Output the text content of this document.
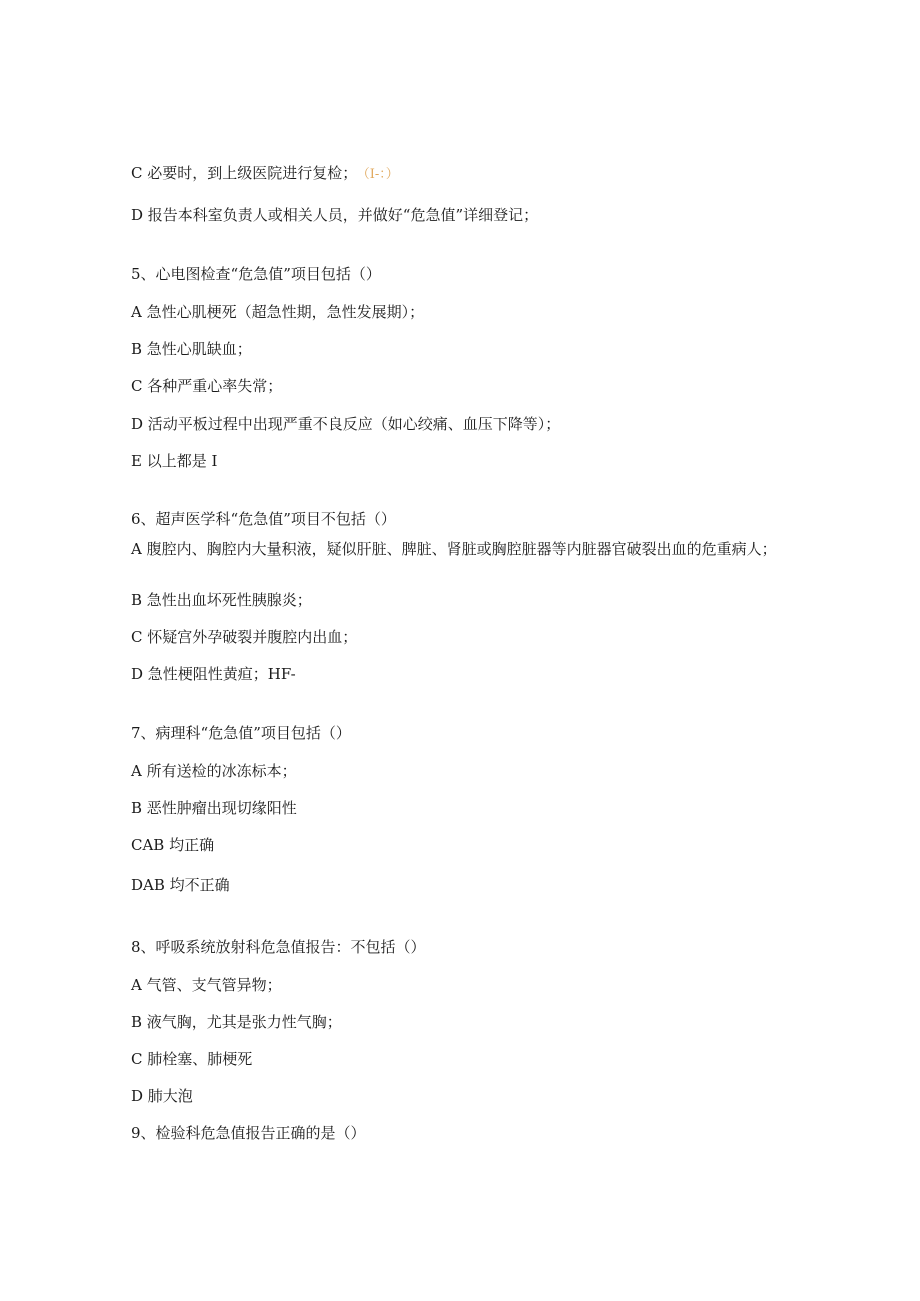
C 必要时，到上级医院进行复检； （I-：）
D 报告本科室负责人或相关人员，并做好“危急值”详细登记；
5、心电图检查“危急值”项目包括（）
A 急性心肌梗死（超急性期，急性发展期）；
B 急性心肌缺血；
C 各种严重心率失常；
D 活动平板过程中出现严重不良反应（如心绞痛、血压下降等）；
E 以上都是 I
6、超声医学科“危急值”项目不包括（）
A 腹腔内、胸腔内大量积液，疑似肝脏、脾脏、肾脏或胸腔脏器等内脏器官破裂出血的危重病人；
B 急性出血坏死性胰腺炎；
C 怀疑宫外孕破裂并腹腔内出血；
D 急性梗阻性黄疸；HF-
7、病理科“危急值”项目包括（）
A 所有送检的冰冻标本；
B 恶性肿瘤出现切缘阳性
CAB 均正确
DAB 均不正确
8、呼吸系统放射科危急值报告：不包括（）
A 气管、支气管异物；
B 液气胸，尤其是张力性气胸；
C 肺栓塞、肺梗死
D 肺大泡
9、检验科危急值报告正确的是（）
